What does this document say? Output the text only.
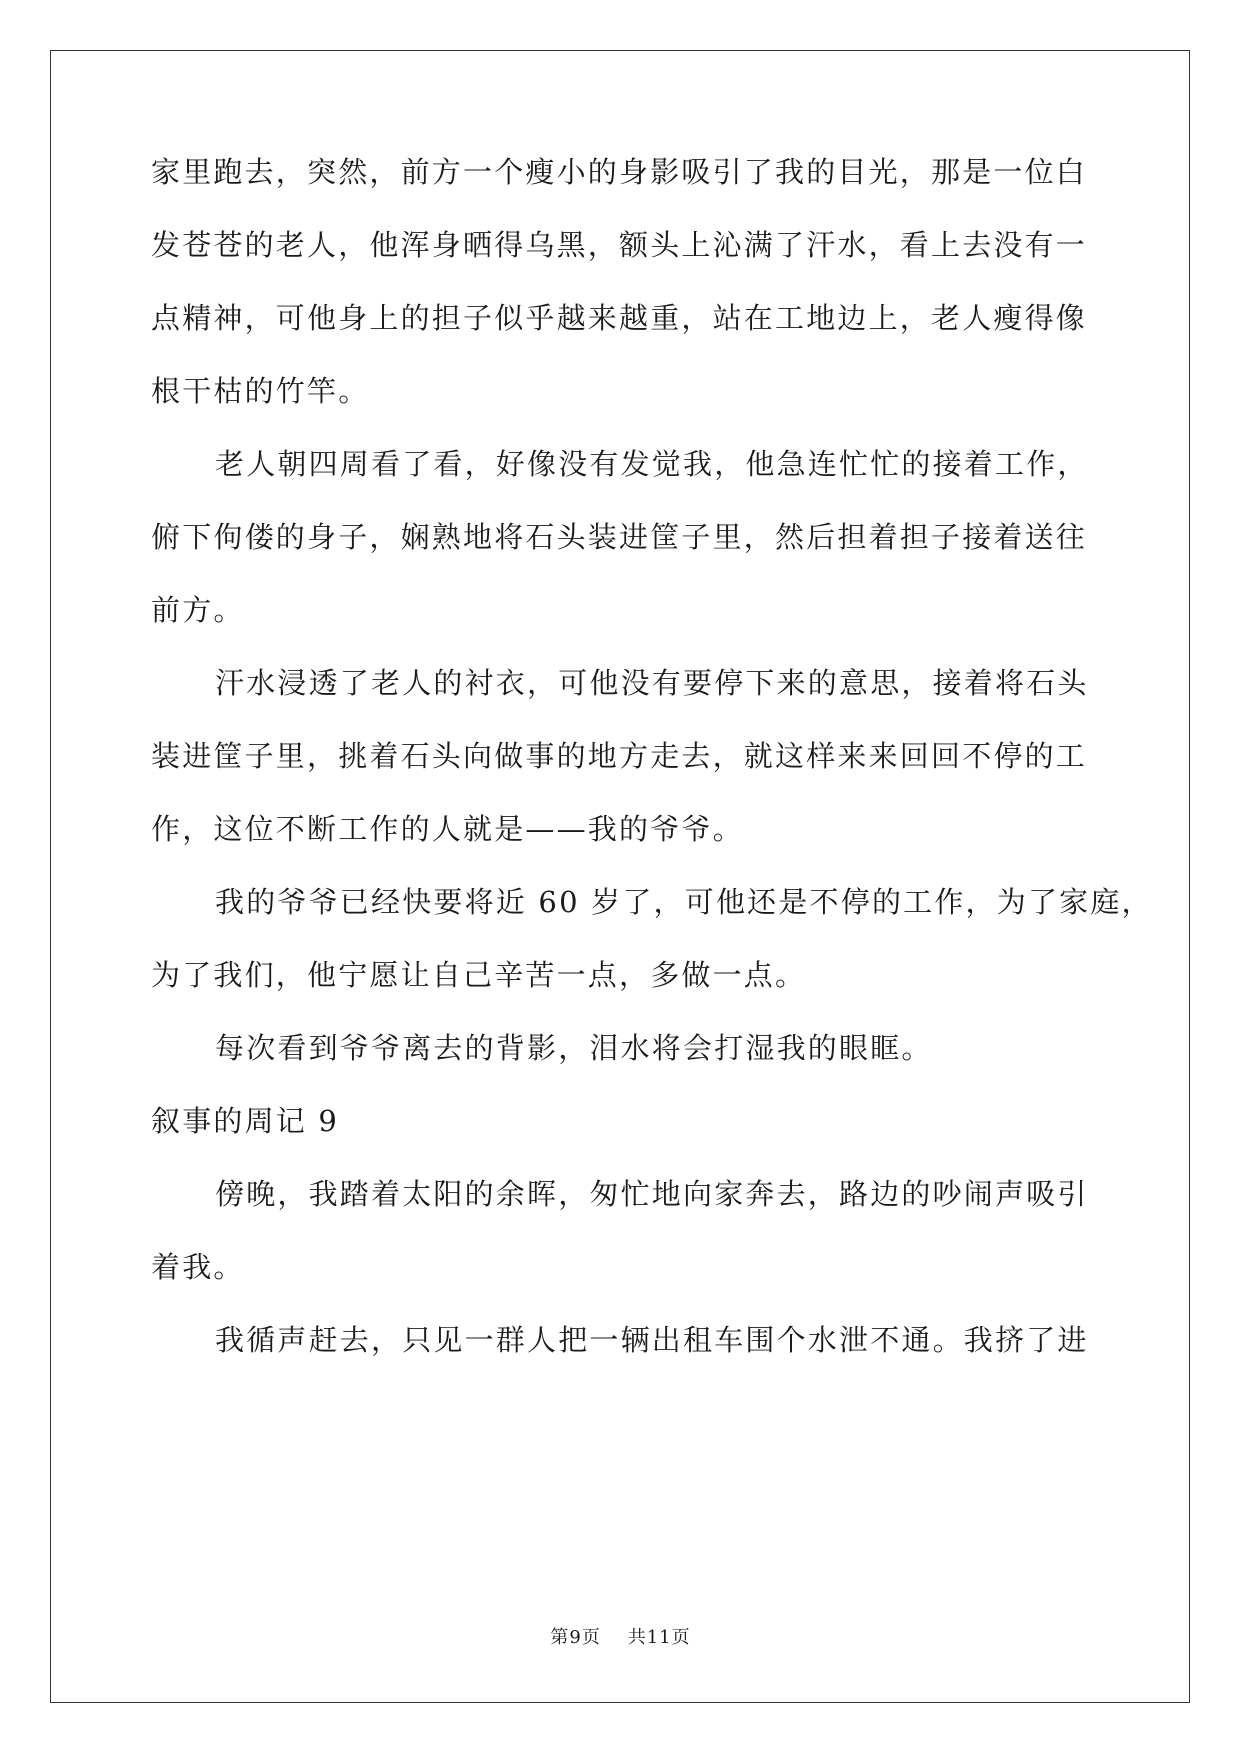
家里跑去，突然，前方一个瘦小的身影吸引了我的目光，那是一位白
发苍苍的老人，他浑身晒得乌黑，额头上沁满了汗水，看上去没有一
点精神，可他身上的担子似乎越来越重，站在工地边上，老人瘦得像
根干枯的竹竿。
老人朝四周看了看，好像没有发觉我，他急连忙忙的接着工作，
俯下佝偻的身子，娴熟地将石头装进筐子里，然后担着担子接着送往
前方。
汗水浸透了老人的衬衣，可他没有要停下来的意思，接着将石头
装进筐子里，挑着石头向做事的地方走去，就这样来来回回不停的工
作，这位不断工作的人就是——我的爷爷。
我的爷爷已经快要将近 60 岁了，可他还是不停的工作，为了家庭，
为了我们，他宁愿让自己辛苦一点，多做一点。
每次看到爷爷离去的背影，泪水将会打湿我的眼眶。
叙事的周记 9
傍晚，我踏着太阳的余晖，匆忙地向家奔去，路边的吵闹声吸引
着我。
我循声赶去，只见一群人把一辆出租车围个水泄不通。我挤了进
第9页 共11页
